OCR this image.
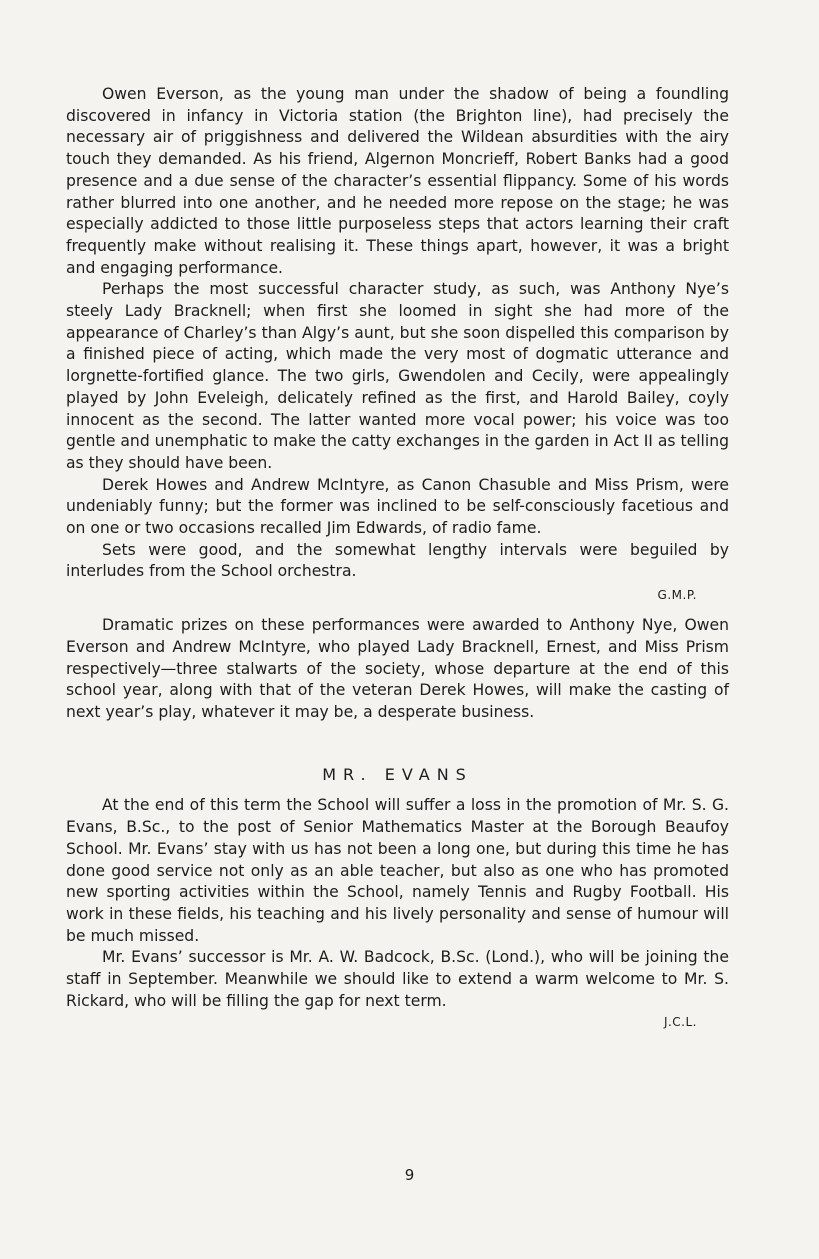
Owen Everson, as the young man under the shadow of being a foundling discovered in infancy in Victoria station (the Brighton line), had precisely the necessary air of priggishness and delivered the Wildean absurdities with the airy touch they demanded. As his friend, Algernon Moncrieff, Robert Banks had a good presence and a due sense of the character’s essential flippancy. Some of his words rather blurred into one another, and he needed more repose on the stage; he was especially addicted to those little purposeless steps that actors learning their craft frequently make without realising it. These things apart, however, it was a bright and engaging performance.

Perhaps the most successful character study, as such, was Anthony Nye’s steely Lady Bracknell; when first she loomed in sight she had more of the appearance of Charley’s than Algy’s aunt, but she soon dispelled this comparison by a finished piece of acting, which made the very most of dogmatic utterance and lorgnette-fortified glance. The two girls, Gwendolen and Cecily, were appealingly played by John Eveleigh, delicately refined as the first, and Harold Bailey, coyly innocent as the second. The latter wanted more vocal power; his voice was too gentle and unemphatic to make the catty exchanges in the garden in Act II as telling as they should have been.

Derek Howes and Andrew McIntyre, as Canon Chasuble and Miss Prism, were undeniably funny; but the former was inclined to be self-consciously facetious and on one or two occasions recalled Jim Edwards, of radio fame.

Sets were good, and the somewhat lengthy intervals were beguiled by interludes from the School orchestra.

G.M.P.

Dramatic prizes on these performances were awarded to Anthony Nye, Owen Everson and Andrew McIntyre, who played Lady Bracknell, Ernest, and Miss Prism respectively—three stalwarts of the society, whose departure at the end of this school year, along with that of the veteran Derek Howes, will make the casting of next year’s play, whatever it may be, a desperate business.

MR. EVANS

At the end of this term the School will suffer a loss in the promotion of Mr. S. G. Evans, B.Sc., to the post of Senior Mathematics Master at the Borough Beaufoy School. Mr. Evans’ stay with us has not been a long one, but during this time he has done good service not only as an able teacher, but also as one who has promoted new sporting activities within the School, namely Tennis and Rugby Football. His work in these fields, his teaching and his lively personality and sense of humour will be much missed.

Mr. Evans’ successor is Mr. A. W. Badcock, B.Sc. (Lond.), who will be joining the staff in September. Meanwhile we should like to extend a warm welcome to Mr. S. Rickard, who will be filling the gap for next term.

J.C.L.
9
